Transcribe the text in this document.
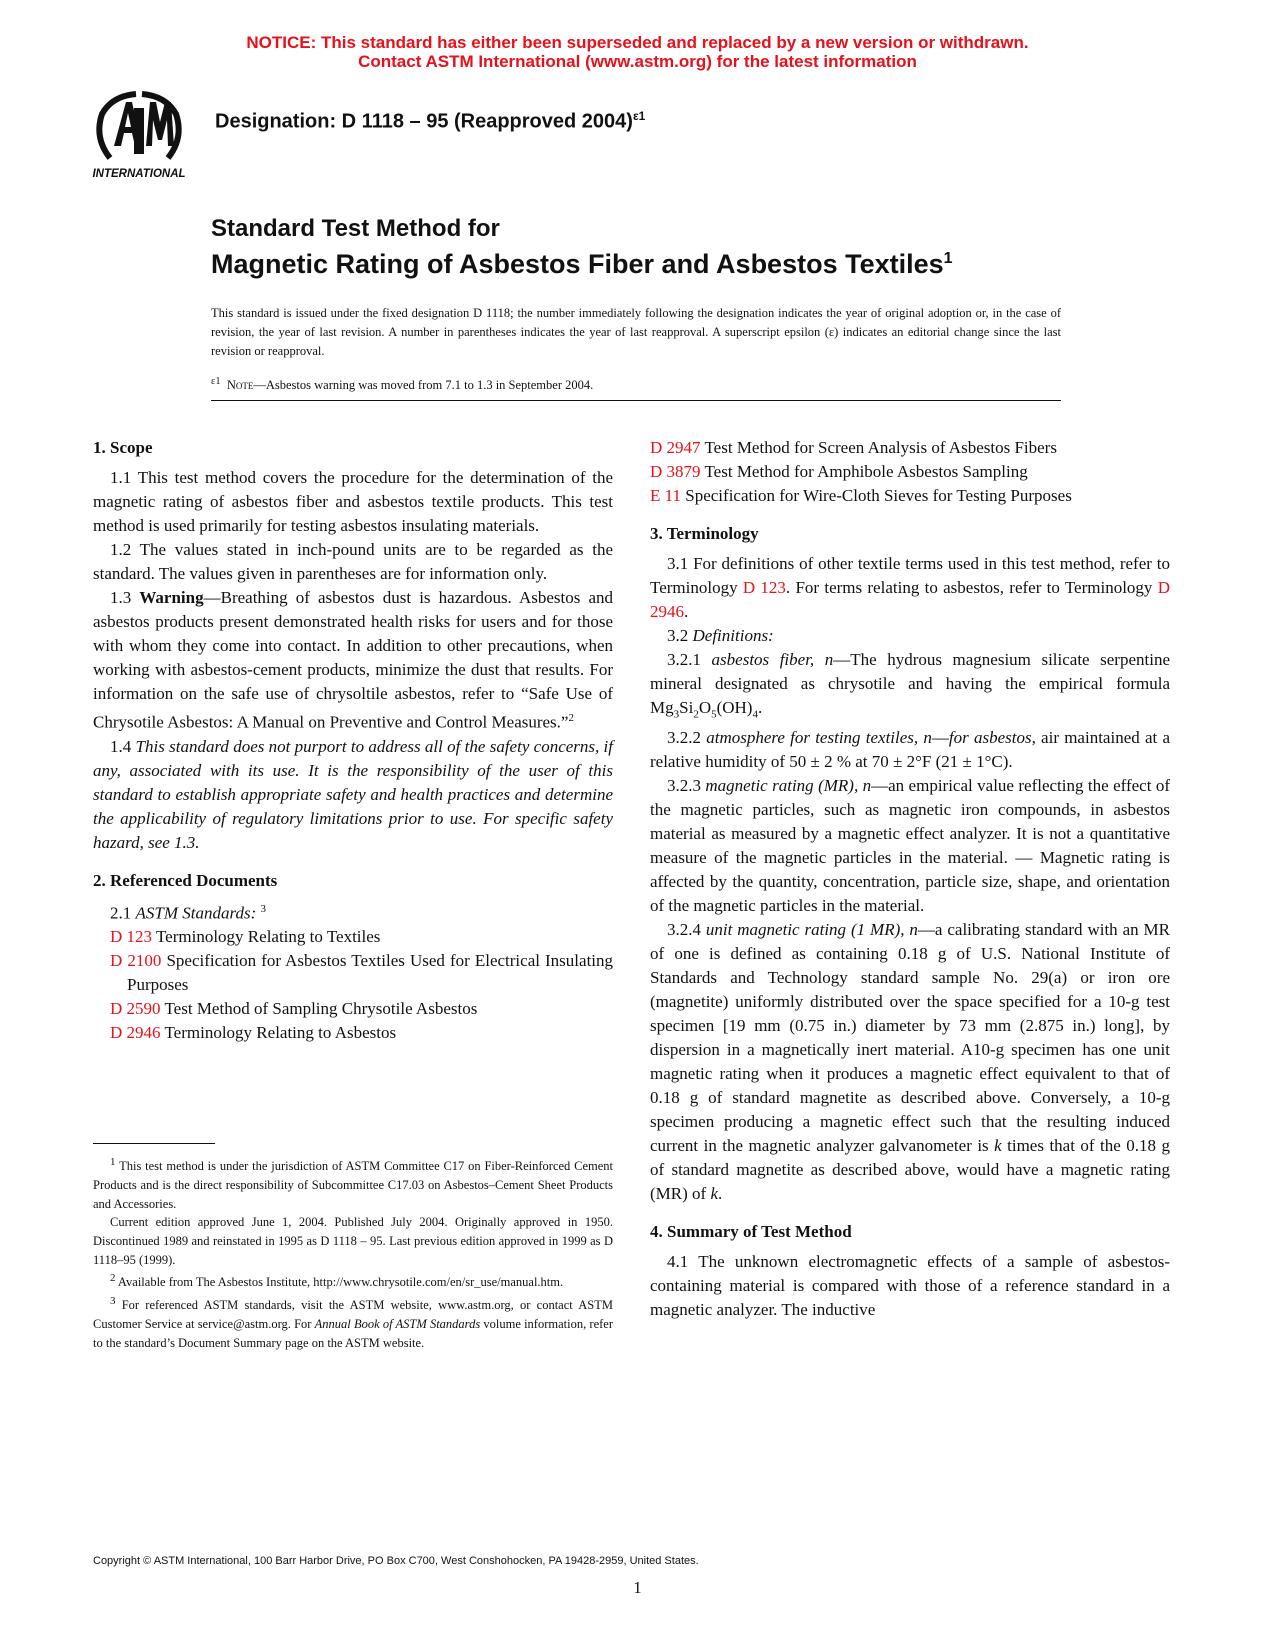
NOTICE: This standard has either been superseded and replaced by a new version or withdrawn.
Contact ASTM International (www.astm.org) for the latest information
INTERNATIONAL
Designation: D 1118 – 95 (Reapproved 2004)$^{\varepsilon 1}$
Standard Test Method for
Magnetic Rating of Asbestos Fiber and Asbestos Textiles$^1$
This standard is issued under the fixed designation D 1118; the number immediately following the designation indicates the year of original adoption or, in the case of revision, the year of last revision. A number in parentheses indicates the year of last reapproval. A superscript epsilon (ε) indicates an editorial change since the last revision or reapproval.
$^{\varepsilon 1}$ Note—Asbestos warning was moved from 7.1 to 1.3 in September 2004.

1. Scope

1.1 This test method covers the procedure for the determination of the magnetic rating of asbestos fiber and asbestos textile products. This test method is used primarily for testing asbestos insulating materials.

1.2 The values stated in inch-pound units are to be regarded as the standard. The values given in parentheses are for information only.

1.3 Warning—Breathing of asbestos dust is hazardous. Asbestos and asbestos products present demonstrated health risks for users and for those with whom they come into contact. In addition to other precautions, when working with asbestos-cement products, minimize the dust that results. For information on the safe use of chrysoltile asbestos, refer to “Safe Use of Chrysotile Asbestos: A Manual on Preventive and Control Measures.”$^2$

1.4 This standard does not purport to address all of the safety concerns, if any, associated with its use. It is the responsibility of the user of this standard to establish appropriate safety and health practices and determine the applicability of regulatory limitations prior to use. For specific safety hazard, see 1.3.

2. Referenced Documents

2.1 ASTM Standards: $^3$

D 123 Terminology Relating to Textiles

D 2100 Specification for Asbestos Textiles Used for Electrical Insulating Purposes

D 2590 Test Method of Sampling Chrysotile Asbestos

D 2946 Terminology Relating to Asbestos

$^1$ This test method is under the jurisdiction of ASTM Committee C17 on Fiber-Reinforced Cement Products and is the direct responsibility of Subcommittee C17.03 on Asbestos–Cement Sheet Products and Accessories.

Current edition approved June 1, 2004. Published July 2004. Originally approved in 1950. Discontinued 1989 and reinstated in 1995 as D 1118 – 95. Last previous edition approved in 1999 as D 1118–95 (1999).

$^2$ Available from The Asbestos Institute, http://www.chrysotile.com/en/sr_use/manual.htm.

$^3$ For referenced ASTM standards, visit the ASTM website, www.astm.org, or contact ASTM Customer Service at service@astm.org. For Annual Book of ASTM Standards volume information, refer to the standard’s Document Summary page on the ASTM website.

D 2947 Test Method for Screen Analysis of Asbestos Fibers

D 3879 Test Method for Amphibole Asbestos Sampling

E 11 Specification for Wire-Cloth Sieves for Testing Purposes

3. Terminology

3.1 For definitions of other textile terms used in this test method, refer to Terminology D 123. For terms relating to asbestos, refer to Terminology D 2946.

3.2 Definitions:

3.2.1 asbestos fiber, n—The hydrous magnesium silicate serpentine mineral designated as chrysotile and having the empirical formula $Mg_3Si_2O_5(OH)_4$.

3.2.2 atmosphere for testing textiles, n—for asbestos, air maintained at a relative humidity of 50 ± 2 % at 70 ± 2°F (21 ± 1°C).

3.2.3 magnetic rating (MR), n—an empirical value reflecting the effect of the magnetic particles, such as magnetic iron compounds, in asbestos material as measured by a magnetic effect analyzer. It is not a quantitative measure of the magnetic particles in the material. — Magnetic rating is affected by the quantity, concentration, particle size, shape, and orientation of the magnetic particles in the material.

3.2.4 unit magnetic rating (1 MR), n—a calibrating standard with an MR of one is defined as containing 0.18 g of U.S. National Institute of Standards and Technology standard sample No. 29(a) or iron ore (magnetite) uniformly distributed over the space specified for a 10-g test specimen [19 mm (0.75 in.) diameter by 73 mm (2.875 in.) long], by dispersion in a magnetically inert material. A10-g specimen has one unit magnetic rating when it produces a magnetic effect equivalent to that of 0.18 g of standard magnetite as described above. Conversely, a 10-g specimen producing a magnetic effect such that the resulting induced current in the magnetic analyzer galvanometer is k times that of the 0.18 g of standard magnetite as described above, would have a magnetic rating (MR) of k.

4. Summary of Test Method

4.1 The unknown electromagnetic effects of a sample of asbestos-containing material is compared with those of a reference standard in a magnetic analyzer. The inductive

Copyright © ASTM International, 100 Barr Harbor Drive, PO Box C700, West Conshohocken, PA 19428-2959, United States.
1
